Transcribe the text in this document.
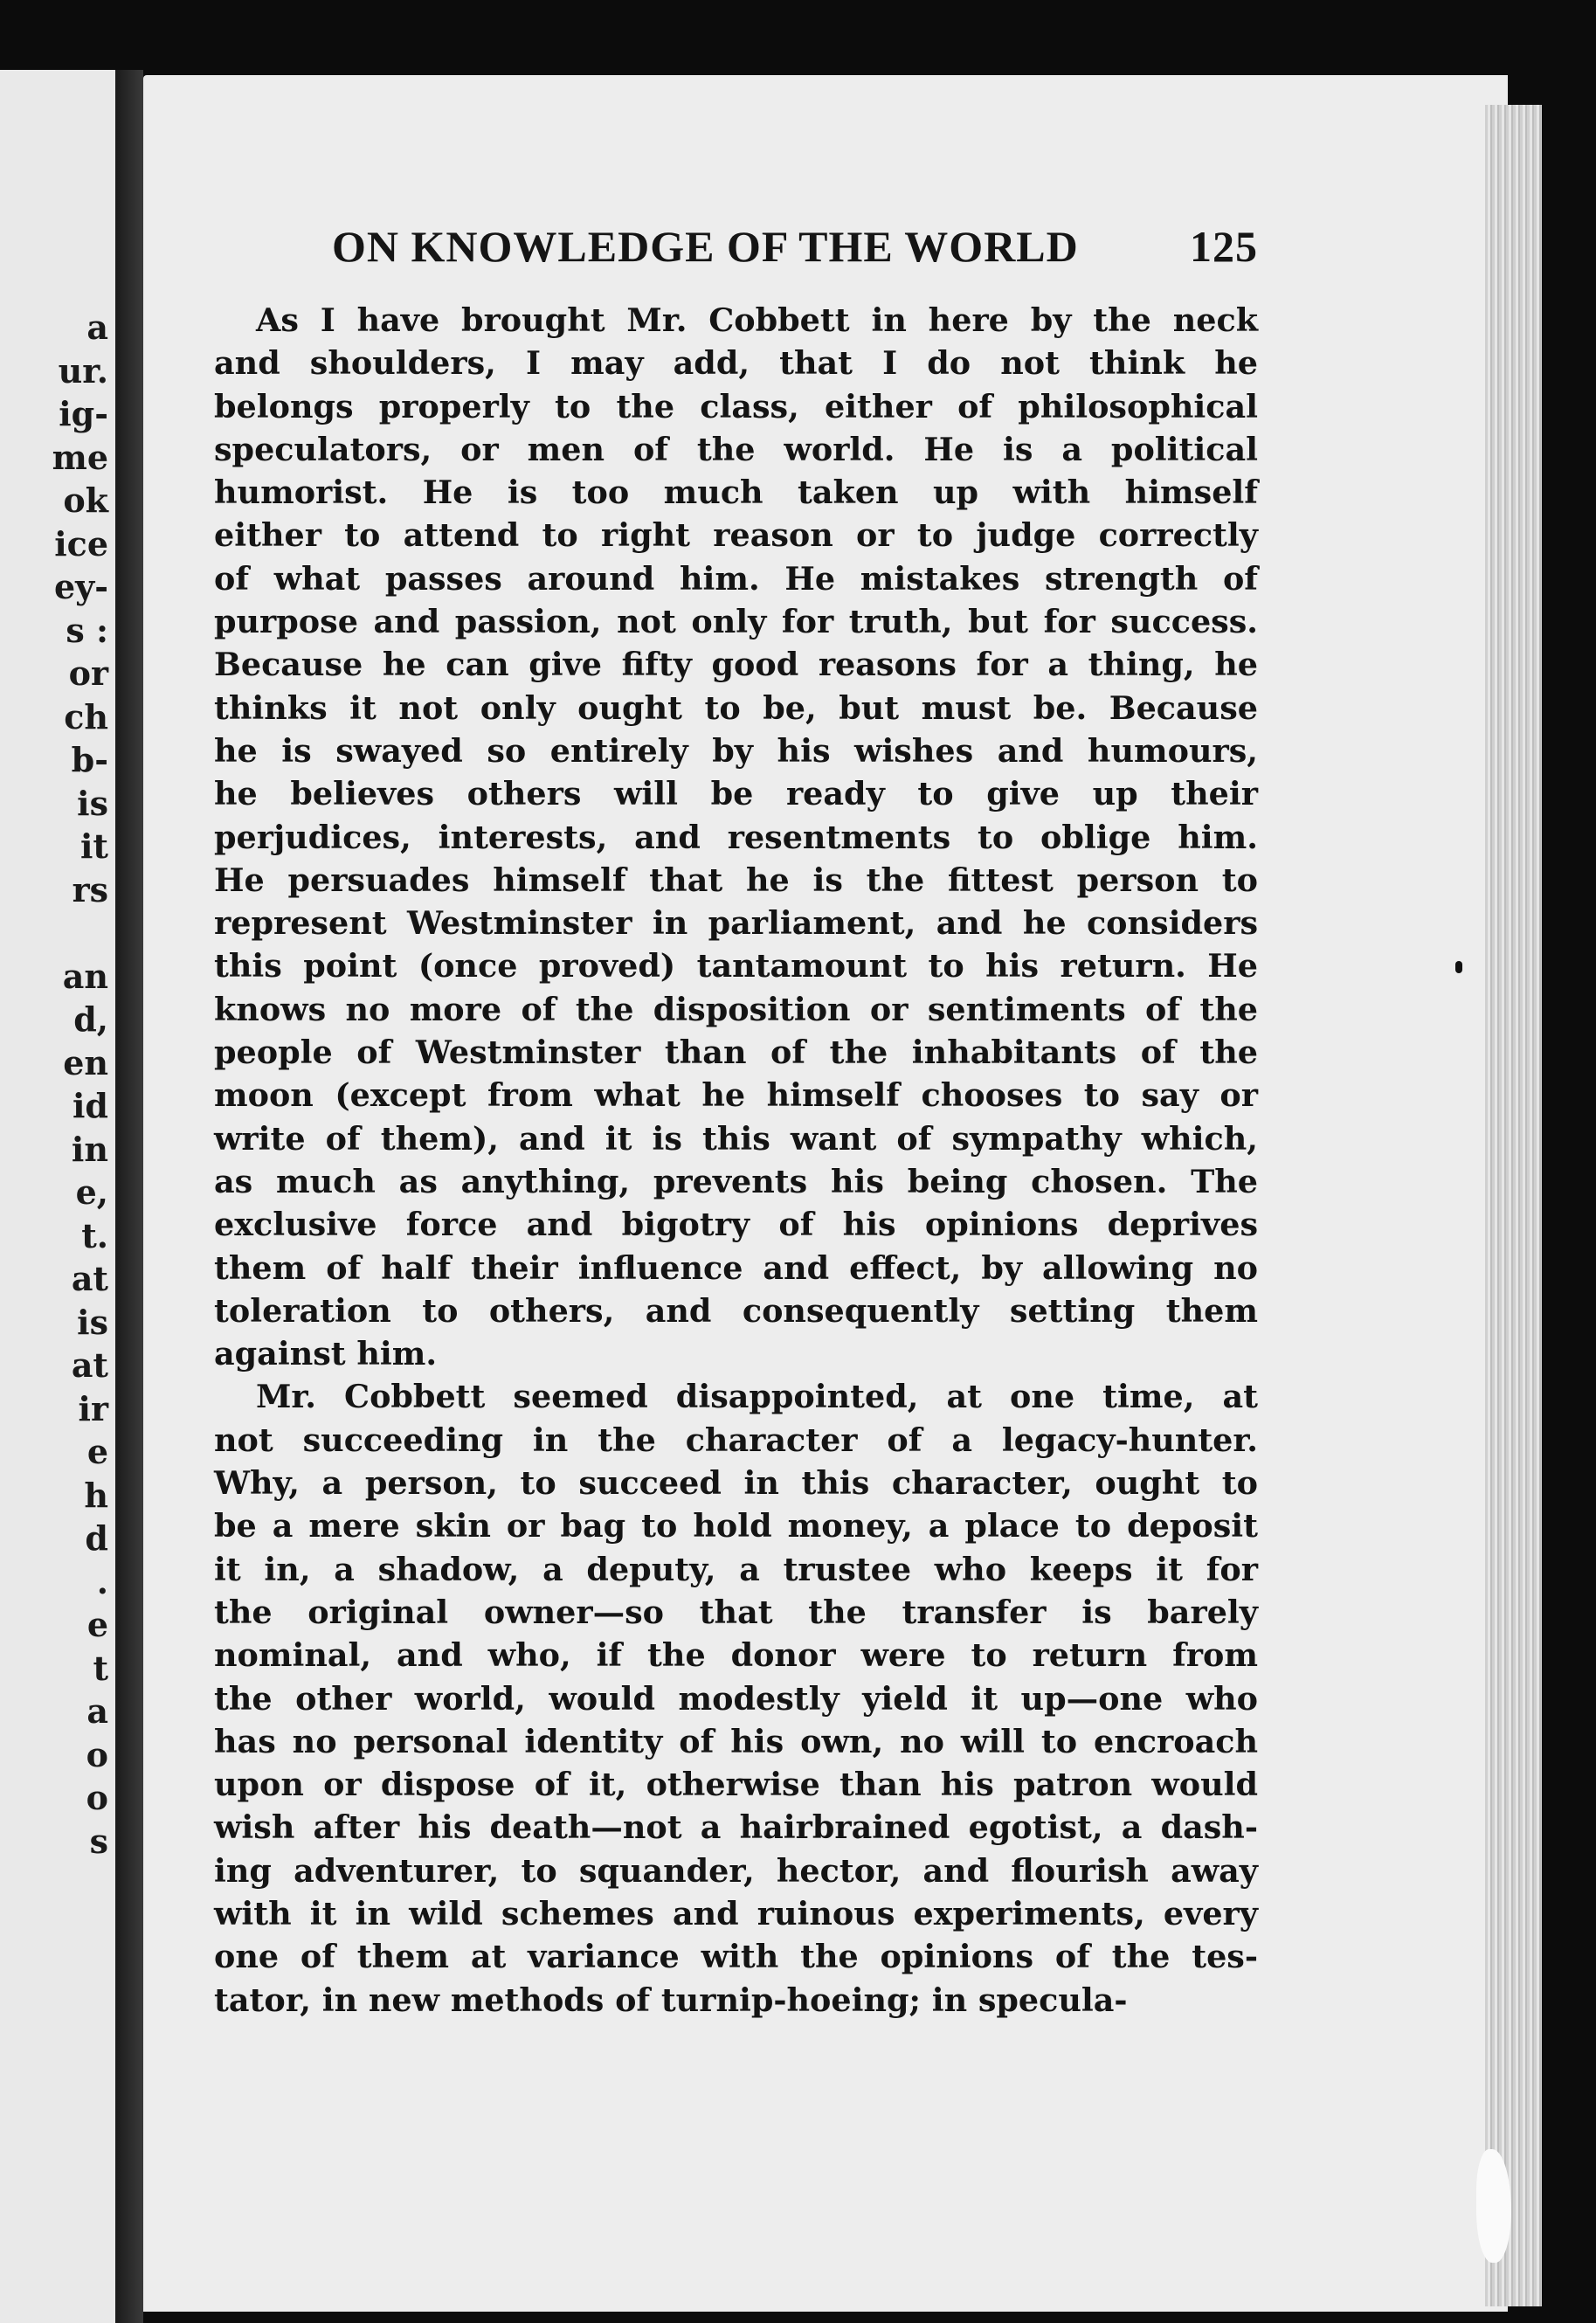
a
ur.
ig-
me
ok
ice
ey-
s :
or
ch
b-
is
it
rs
an
d,
en
id
in
e,
t.
at
is
at
ir
e
h
d
.
e
t
a
o
o
s
ON KNOWLEDGE OF THE WORLD	125
As I have brought Mr. Cobbett in here by the neck
and shoulders, I may add, that I do not think he
belongs properly to the class, either of philosophical
speculators, or men of the world. He is a political
humorist. He is too much taken up with himself
either to attend to right reason or to judge correctly
of what passes around him. He mistakes strength of
purpose and passion, not only for truth, but for success.
Because he can give fifty good reasons for a thing, he
thinks it not only ought to be, but must be. Because
he is swayed so entirely by his wishes and humours,
he believes others will be ready to give up their
perjudices, interests, and resentments to oblige him.
He persuades himself that he is the fittest person to
represent Westminster in parliament, and he considers
this point (once proved) tantamount to his return. He
knows no more of the disposition or sentiments of the
people of Westminster than of the inhabitants of the
moon (except from what he himself chooses to say or
write of them), and it is this want of sympathy which,
as much as anything, prevents his being chosen. The
exclusive force and bigotry of his opinions deprives
them of half their influence and effect, by allowing no
toleration to others, and consequently setting them
against him.
Mr. Cobbett seemed disappointed, at one time, at
not succeeding in the character of a legacy-hunter.
Why, a person, to succeed in this character, ought to
be a mere skin or bag to hold money, a place to deposit
it in, a shadow, a deputy, a trustee who keeps it for
the original owner—so that the transfer is barely
nominal, and who, if the donor were to return from
the other world, would modestly yield it up—one who
has no personal identity of his own, no will to encroach
upon or dispose of it, otherwise than his patron would
wish after his death—not a hairbrained egotist, a dash-
ing adventurer, to squander, hector, and flourish away
with it in wild schemes and ruinous experiments, every
one of them at variance with the opinions of the tes-
tator, in new methods of turnip-hoeing; in specula-
